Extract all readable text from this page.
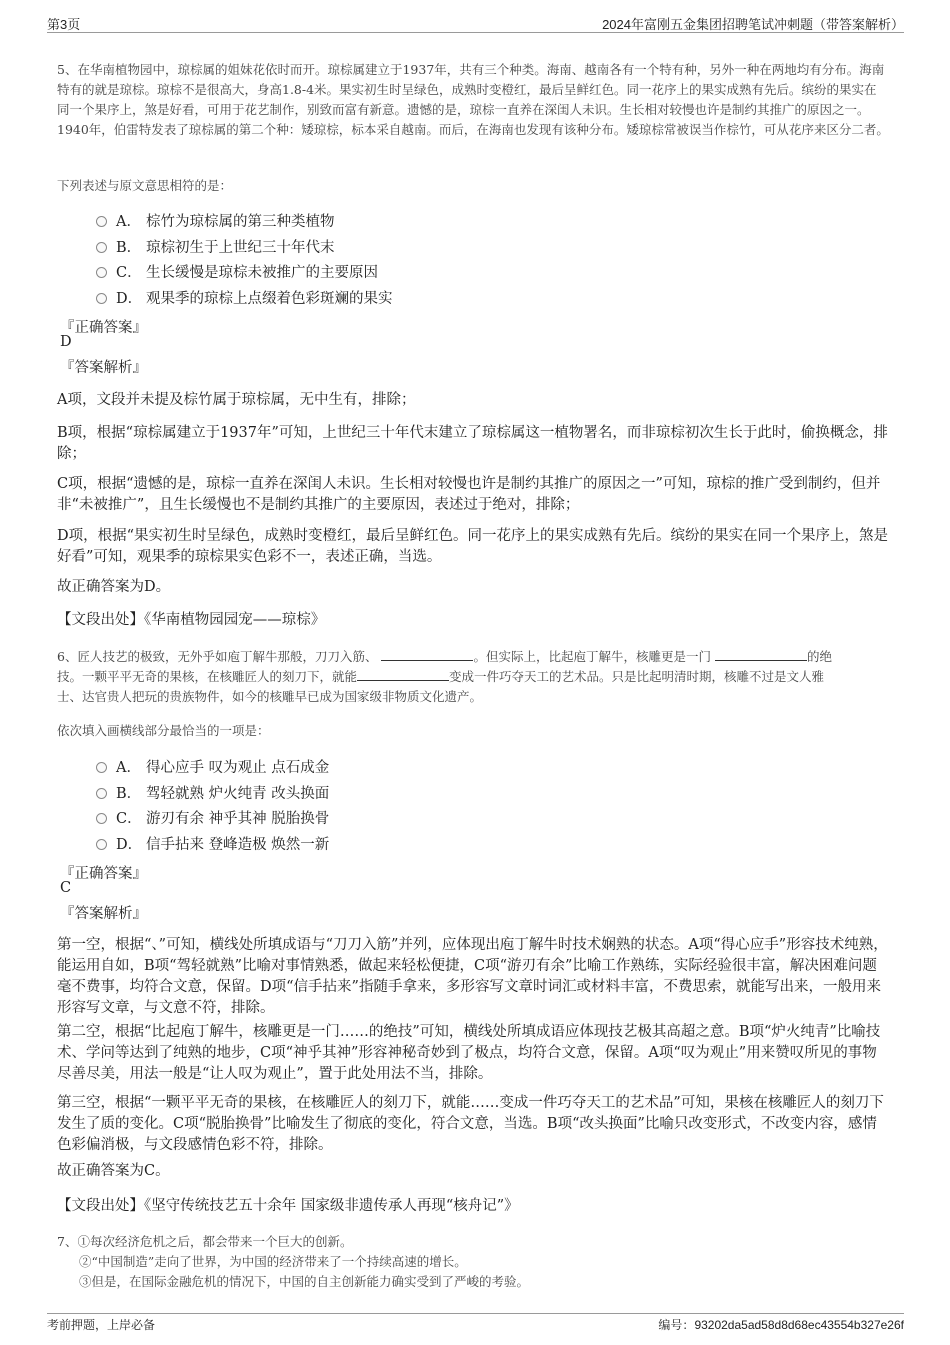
第3页	2024年富刚五金集团招聘笔试冲刺题（带答案解析）
5、在华南植物园中，琼棕属的姐妹花依时而开。琼棕属建立于1937年，共有三个种类。海南、越南各有一个特有种，另外一种在两地均有分布。海南特有的就是琼棕。琼棕不是很高大，身高1.8-4米。果实初生时呈绿色，成熟时变橙红，最后呈鲜红色。同一花序上的果实成熟有先后。缤纷的果实在同一个果序上，煞是好看，可用于花艺制作，别致而富有新意。遗憾的是，琼棕一直养在深闺人未识。生长相对较慢也许是制约其推广的原因之一。1940年，伯雷特发表了琼棕属的第二个种：矮琼棕，标本采自越南。而后，在海南也发现有该种分布。矮琼棕常被误当作棕竹，可从花序来区分二者。
下列表述与原文意思相符的是：
A． 棕竹为琼棕属的第三种类植物
B． 琼棕初生于上世纪三十年代末
C． 生长缓慢是琼棕未被推广的主要原因
D． 观果季的琼棕上点缀着色彩斑斓的果实
『正确答案』
D
『答案解析』
A项，文段并未提及棕竹属于琼棕属，无中生有，排除；
B项，根据“琼棕属建立于1937年”可知，上世纪三十年代末建立了琼棕属这一植物署名，而非琼棕初次生长于此时，偷换概念，排除；
C项，根据“遗憾的是，琼棕一直养在深闺人未识。生长相对较慢也许是制约其推广的原因之一”可知，琼棕的推广受到制约，但并非“未被推广”，且生长缓慢也不是制约其推广的主要原因，表述过于绝对，排除；
D项，根据“果实初生时呈绿色，成熟时变橙红，最后呈鲜红色。同一花序上的果实成熟有先后。缤纷的果实在同一个果序上，煞是好看”可知，观果季的琼棕果实色彩不一，表述正确，当选。
故正确答案为D。
【文段出处】《华南植物园园宠——琼棕》
6、匠人技艺的极致，无外乎如庖丁解牛那般，刀刀入筋、	。但实际上，比起庖丁解牛，核雕更是一门	的绝
技。一颗平平无奇的果核，在核雕匠人的刻刀下，就能	变成一件巧夺天工的艺术品。只是比起明清时期，核雕不过是文人雅
士、达官贵人把玩的贵族物件，如今的核雕早已成为国家级非物质文化遗产。
依次填入画横线部分最恰当的一项是：
A． 得心应手 叹为观止 点石成金
B． 驾轻就熟 炉火纯青 改头换面
C． 游刃有余 神乎其神 脱胎换骨
D． 信手拈来 登峰造极 焕然一新
『正确答案』
C
『答案解析』
第一空，根据“、”可知，横线处所填成语与“刀刀入筋”并列，应体现出庖丁解牛时技术娴熟的状态。A项“得心应手”形容技术纯熟，能运用自如，B项“驾轻就熟”比喻对事情熟悉，做起来轻松便捷，C项“游刃有余”比喻工作熟练，实际经验很丰富，解决困难问题毫不费事，均符合文意，保留。D项“信手拈来”指随手拿来，多形容写文章时词汇或材料丰富，不费思索，就能写出来，一般用来形容写文章，与文意不符，排除。
第二空，根据“比起庖丁解牛，核雕更是一门……的绝技”可知，横线处所填成语应体现技艺极其高超之意。B项“炉火纯青”比喻技术、学问等达到了纯熟的地步，C项“神乎其神”形容神秘奇妙到了极点，均符合文意，保留。A项“叹为观止”用来赞叹所见的事物尽善尽美，用法一般是“让人叹为观止”，置于此处用法不当，排除。
第三空，根据“一颗平平无奇的果核，在核雕匠人的刻刀下，就能……变成一件巧夺天工的艺术品”可知，果核在核雕匠人的刻刀下发生了质的变化。C项“脱胎换骨”比喻发生了彻底的变化，符合文意，当选。B项“改头换面”比喻只改变形式，不改变内容，感情色彩偏消极，与文段感情色彩不符，排除。
故正确答案为C。
【文段出处】《坚守传统技艺五十余年 国家级非遗传承人再现“核舟记”》
7、①每次经济危机之后，都会带来一个巨大的创新。
②“中国制造”走向了世界，为中国的经济带来了一个持续高速的增长。
③但是，在国际金融危机的情况下，中国的自主创新能力确实受到了严峻的考验。
考前押题，上岸必备	编号：93202da5ad58d8d68ec43554b327e26f
